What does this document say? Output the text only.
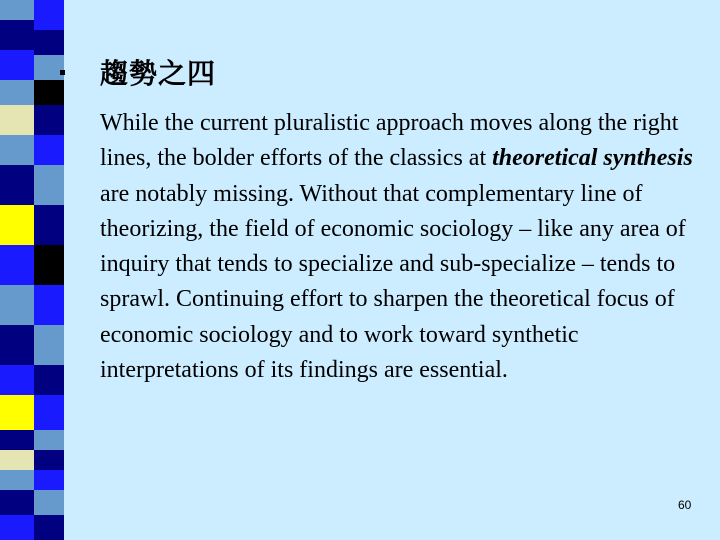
趨勢之四
While the current pluralistic approach moves along the right lines, the bolder efforts of the classics at theoretical synthesis are notably missing. Without that complementary line of theorizing, the field of economic sociology – like any area of inquiry that tends to specialize and sub-specialize – tends to sprawl. Continuing effort to sharpen the theoretical focus of economic sociology and to work toward synthetic interpretations of its findings are essential.
60
